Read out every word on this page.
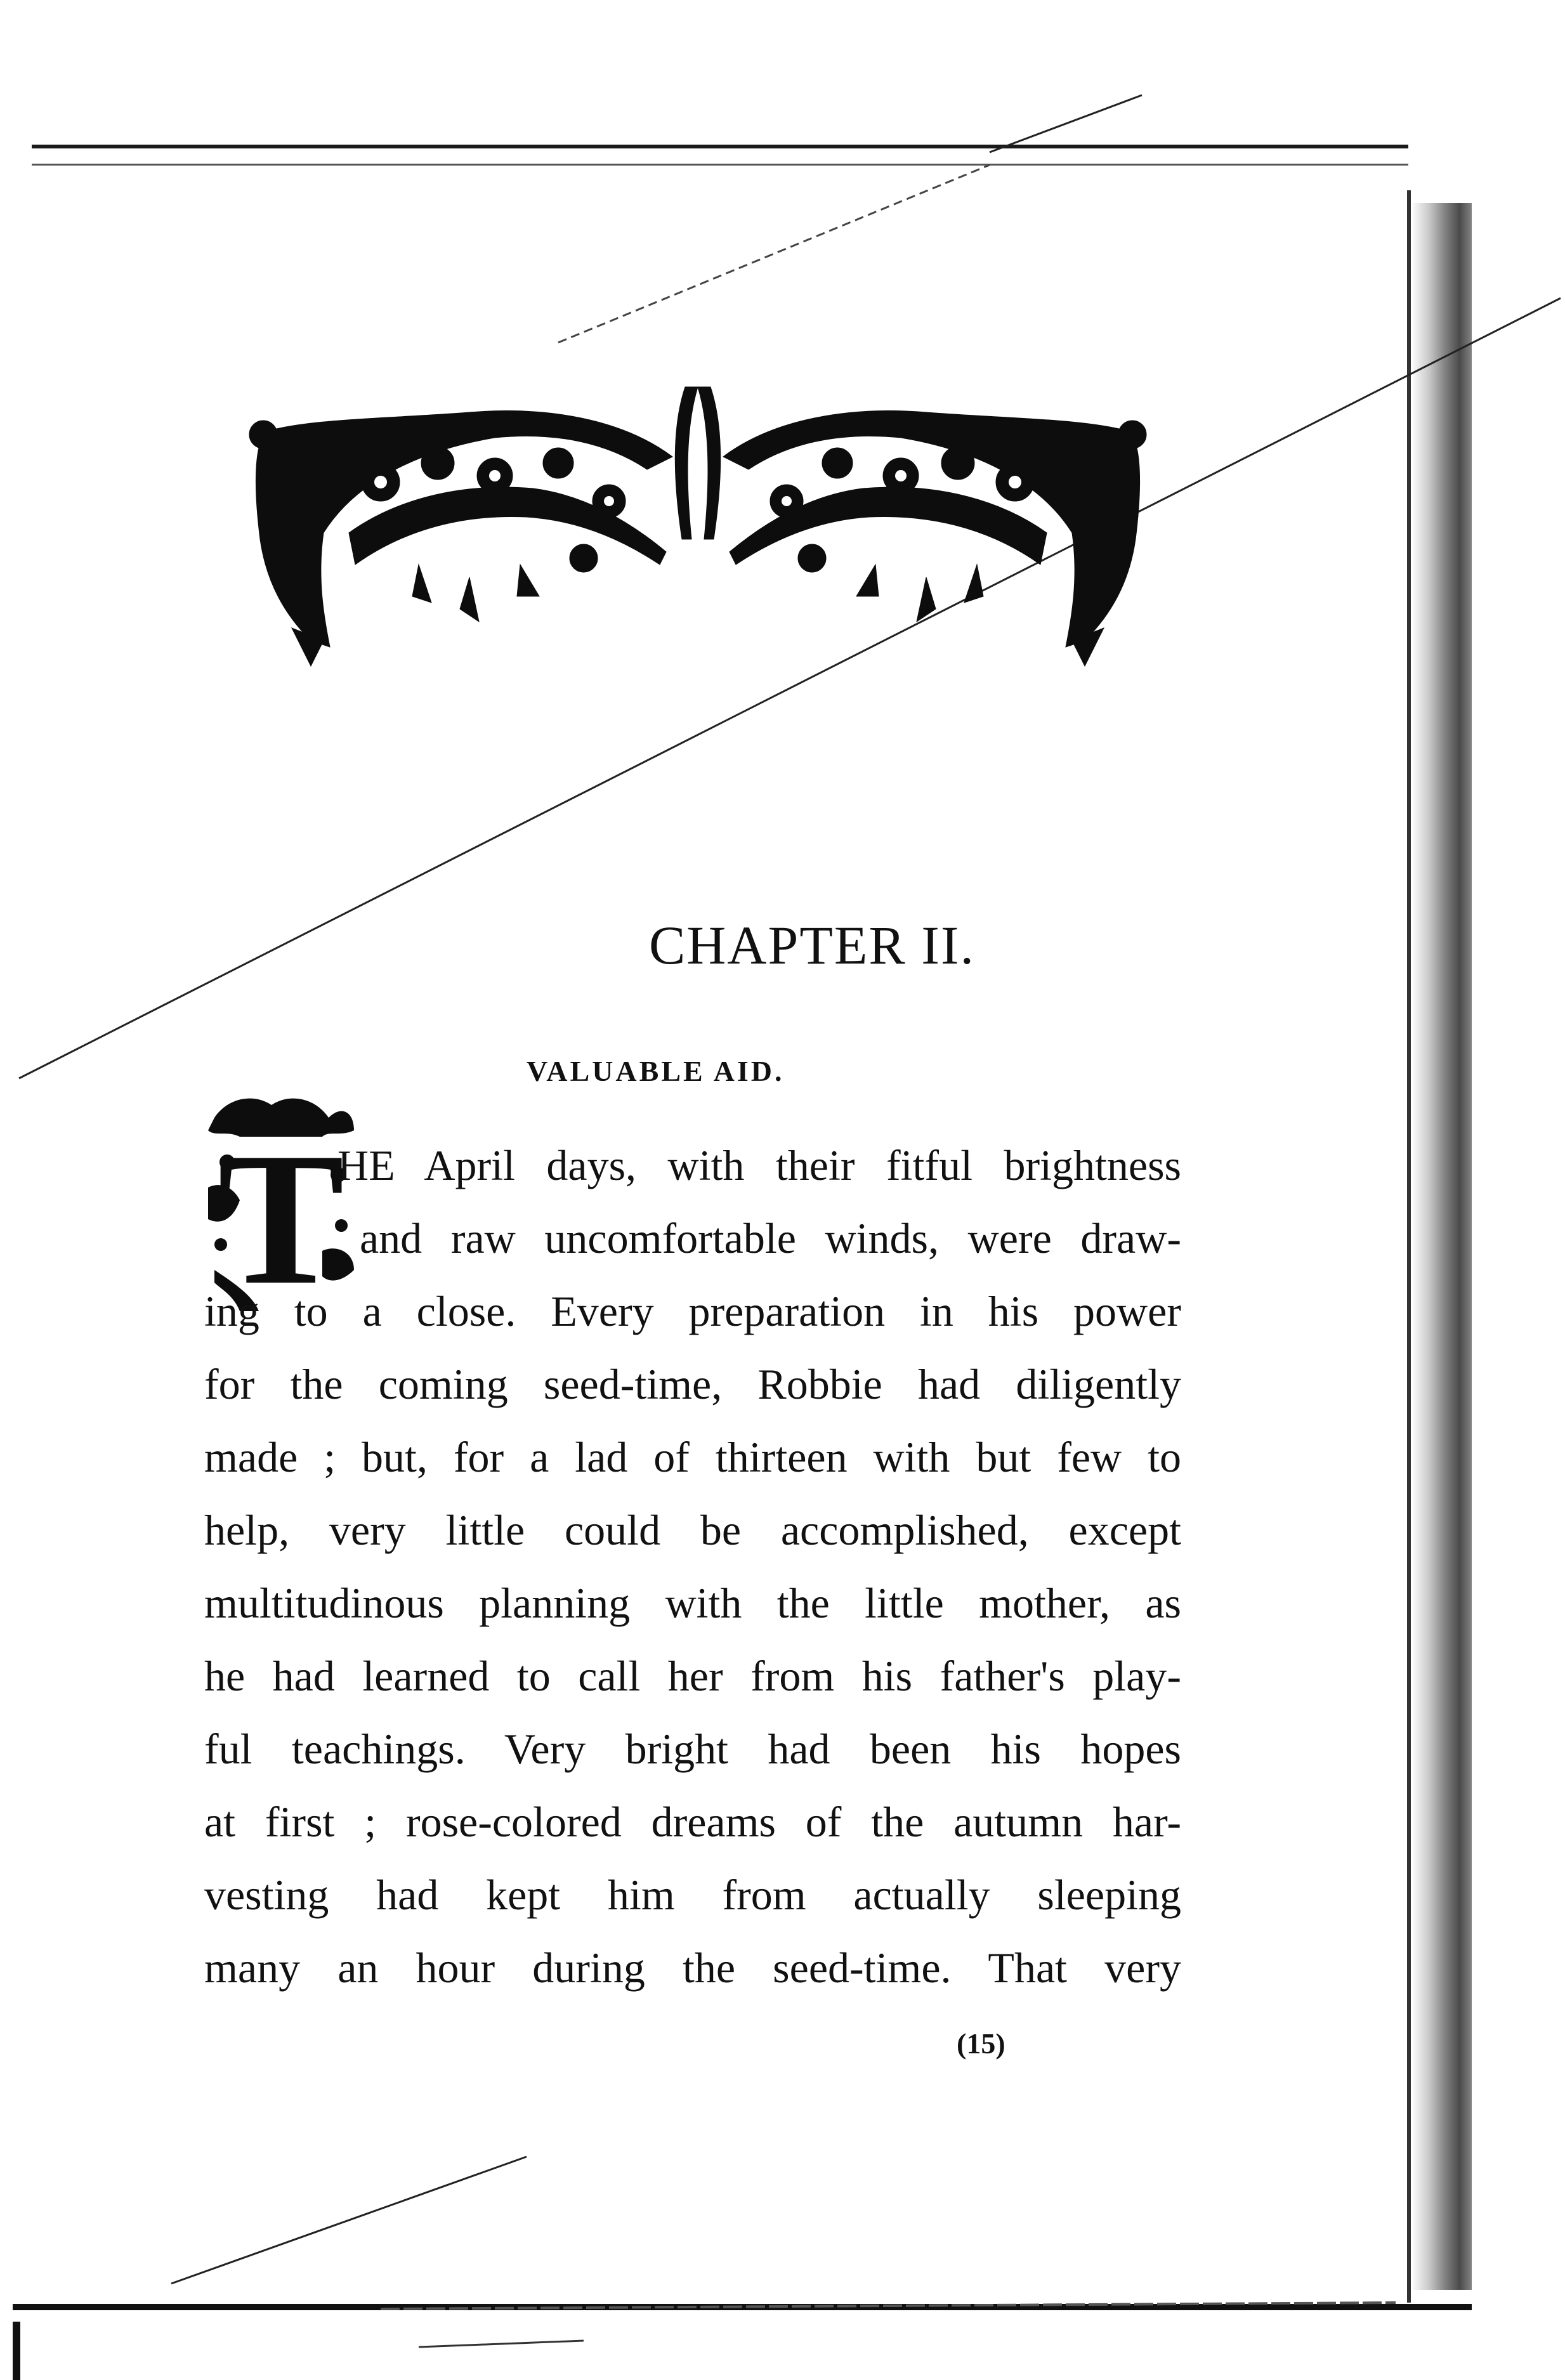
CHAPTER II.
VALUABLE AID.
T
HE April days, with their fitful brightness
and raw uncomfortable winds, were draw-
ing to a close. Every preparation in his power
for the coming seed-time, Robbie had diligently
made ; but, for a lad of thirteen with but few to
help, very little could be accomplished, except
multitudinous planning with the little mother, as
he had learned to call her from his father's play-
ful teachings. Very bright had been his hopes
at first ; rose-colored dreams of the autumn har-
vesting had kept him from actually sleeping
many an hour during the seed-time. That very
(15)
